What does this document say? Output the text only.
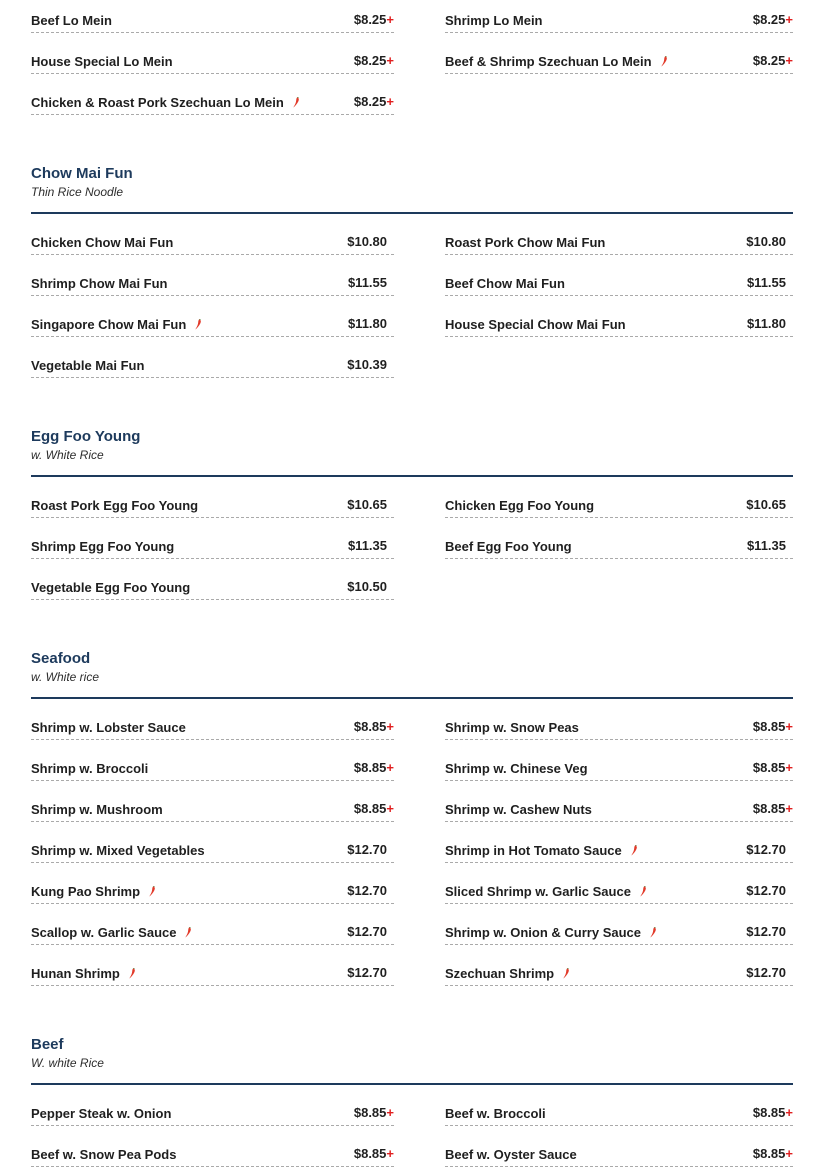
Beef Lo Mein	$8.25+
House Special Lo Mein	$8.25+
Chicken & Roast Pork Szechuan Lo Mein	$8.25+
Shrimp Lo Mein	$8.25+
Beef & Shrimp Szechuan Lo Mein	$8.25+
Chow Mai Fun
Thin Rice Noodle
Chicken Chow Mai Fun	$10.80
Shrimp Chow Mai Fun	$11.55
Singapore Chow Mai Fun	$11.80
Vegetable Mai Fun	$10.39
Roast Pork Chow Mai Fun	$10.80
Beef Chow Mai Fun	$11.55
House Special Chow Mai Fun	$11.80
Egg Foo Young
w. White Rice
Roast Pork Egg Foo Young	$10.65
Shrimp Egg Foo Young	$11.35
Vegetable Egg Foo Young	$10.50
Chicken Egg Foo Young	$10.65
Beef Egg Foo Young	$11.35
Seafood
w. White rice
Shrimp w. Lobster Sauce	$8.85+
Shrimp w. Broccoli	$8.85+
Shrimp w. Mushroom	$8.85+
Shrimp w. Mixed Vegetables	$12.70
Kung Pao Shrimp	$12.70
Scallop w. Garlic Sauce	$12.70
Hunan Shrimp	$12.70
Shrimp w. Snow Peas	$8.85+
Shrimp w. Chinese Veg	$8.85+
Shrimp w. Cashew Nuts	$8.85+
Shrimp in Hot Tomato Sauce	$12.70
Sliced Shrimp w. Garlic Sauce	$12.70
Shrimp w. Onion & Curry Sauce	$12.70
Szechuan Shrimp	$12.70
Beef
W. white Rice
Pepper Steak w. Onion	$8.85+
Beef w. Snow Pea Pods	$8.85+
Beef w. Broccoli	$8.85+
Beef w. Oyster Sauce	$8.85+
